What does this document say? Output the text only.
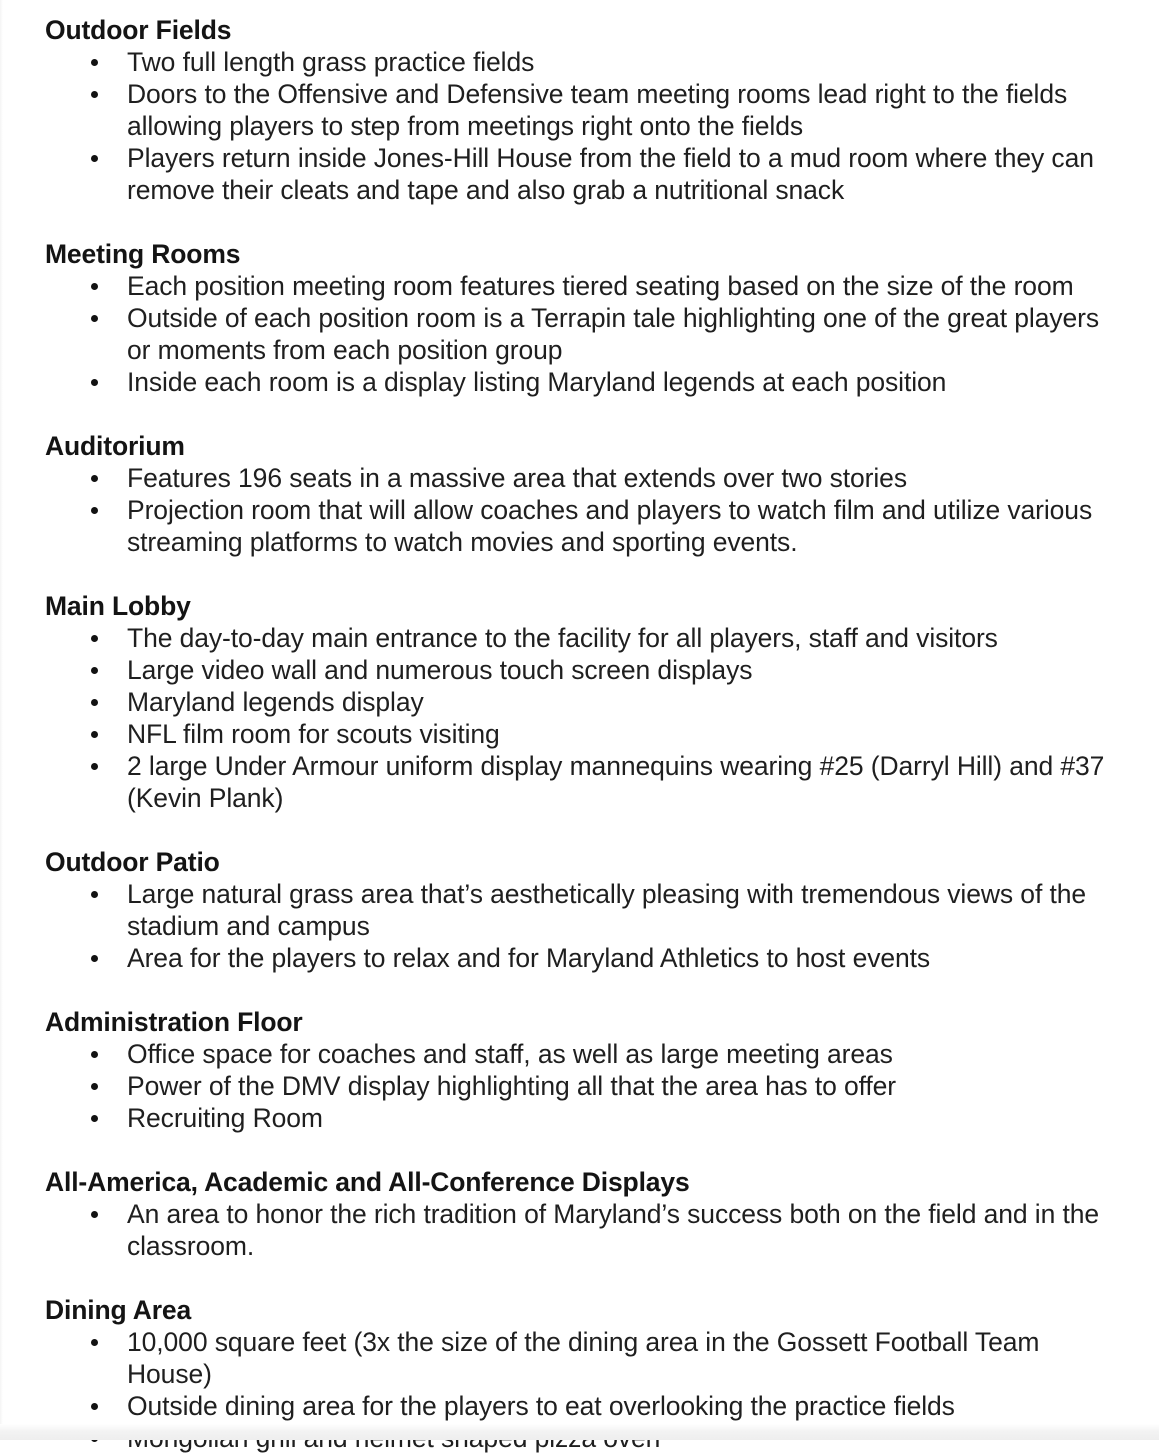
Outdoor Fields
Two full length grass practice fields
Doors to the Offensive and Defensive team meeting rooms lead right to the fields allowing players to step from meetings right onto the fields
Players return inside Jones-Hill House from the field to a mud room where they can remove their cleats and tape and also grab a nutritional snack
Meeting Rooms
Each position meeting room features tiered seating based on the size of the room
Outside of each position room is a Terrapin tale highlighting one of the great players or moments from each position group
Inside each room is a display listing Maryland legends at each position
Auditorium
Features 196 seats in a massive area that extends over two stories
Projection room that will allow coaches and players to watch film and utilize various streaming platforms to watch movies and sporting events.
Main Lobby
The day-to-day main entrance to the facility for all players, staff and visitors
Large video wall and numerous touch screen displays
Maryland legends display
NFL film room for scouts visiting
2 large Under Armour uniform display mannequins wearing #25 (Darryl Hill) and #37 (Kevin Plank)
Outdoor Patio
Large natural grass area that’s aesthetically pleasing with tremendous views of the stadium and campus
Area for the players to relax and for Maryland Athletics to host events
Administration Floor
Office space for coaches and staff, as well as large meeting areas
Power of the DMV display highlighting all that the area has to offer
Recruiting Room
All-America, Academic and All-Conference Displays
An area to honor the rich tradition of Maryland’s success both on the field and in the classroom.
Dining Area
10,000 square feet (3x the size of the dining area in the Gossett Football Team House)
Outside dining area for the players to eat overlooking the practice fields
